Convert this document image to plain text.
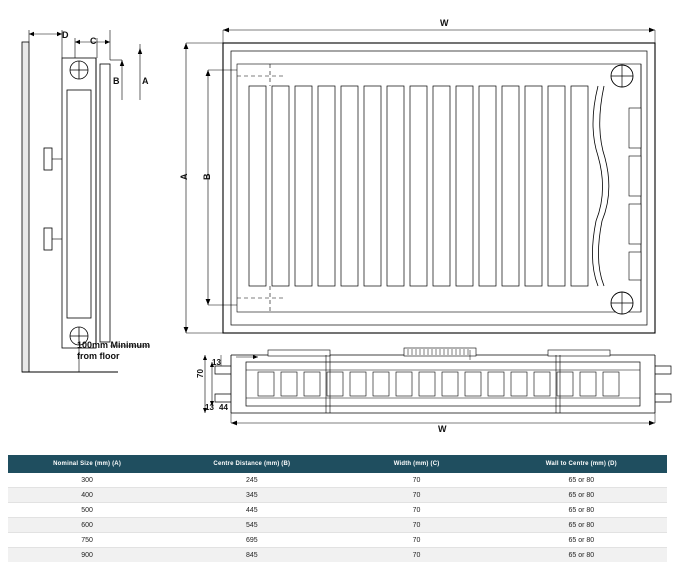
D
C
B	A
100mm Minimum
from floor
W
A B
13
70
13 44
W
Nominal Size (mm) (A)	Centre Distance (mm) (B)	Width (mm) (C)	Wall to Centre (mm) (D)
300	245	70	65 or 80
400	345	70	65 or 80
500	445	70	65 or 80
600	545	70	65 or 80
750	695	70	65 or 80
900	845	70	65 or 80
